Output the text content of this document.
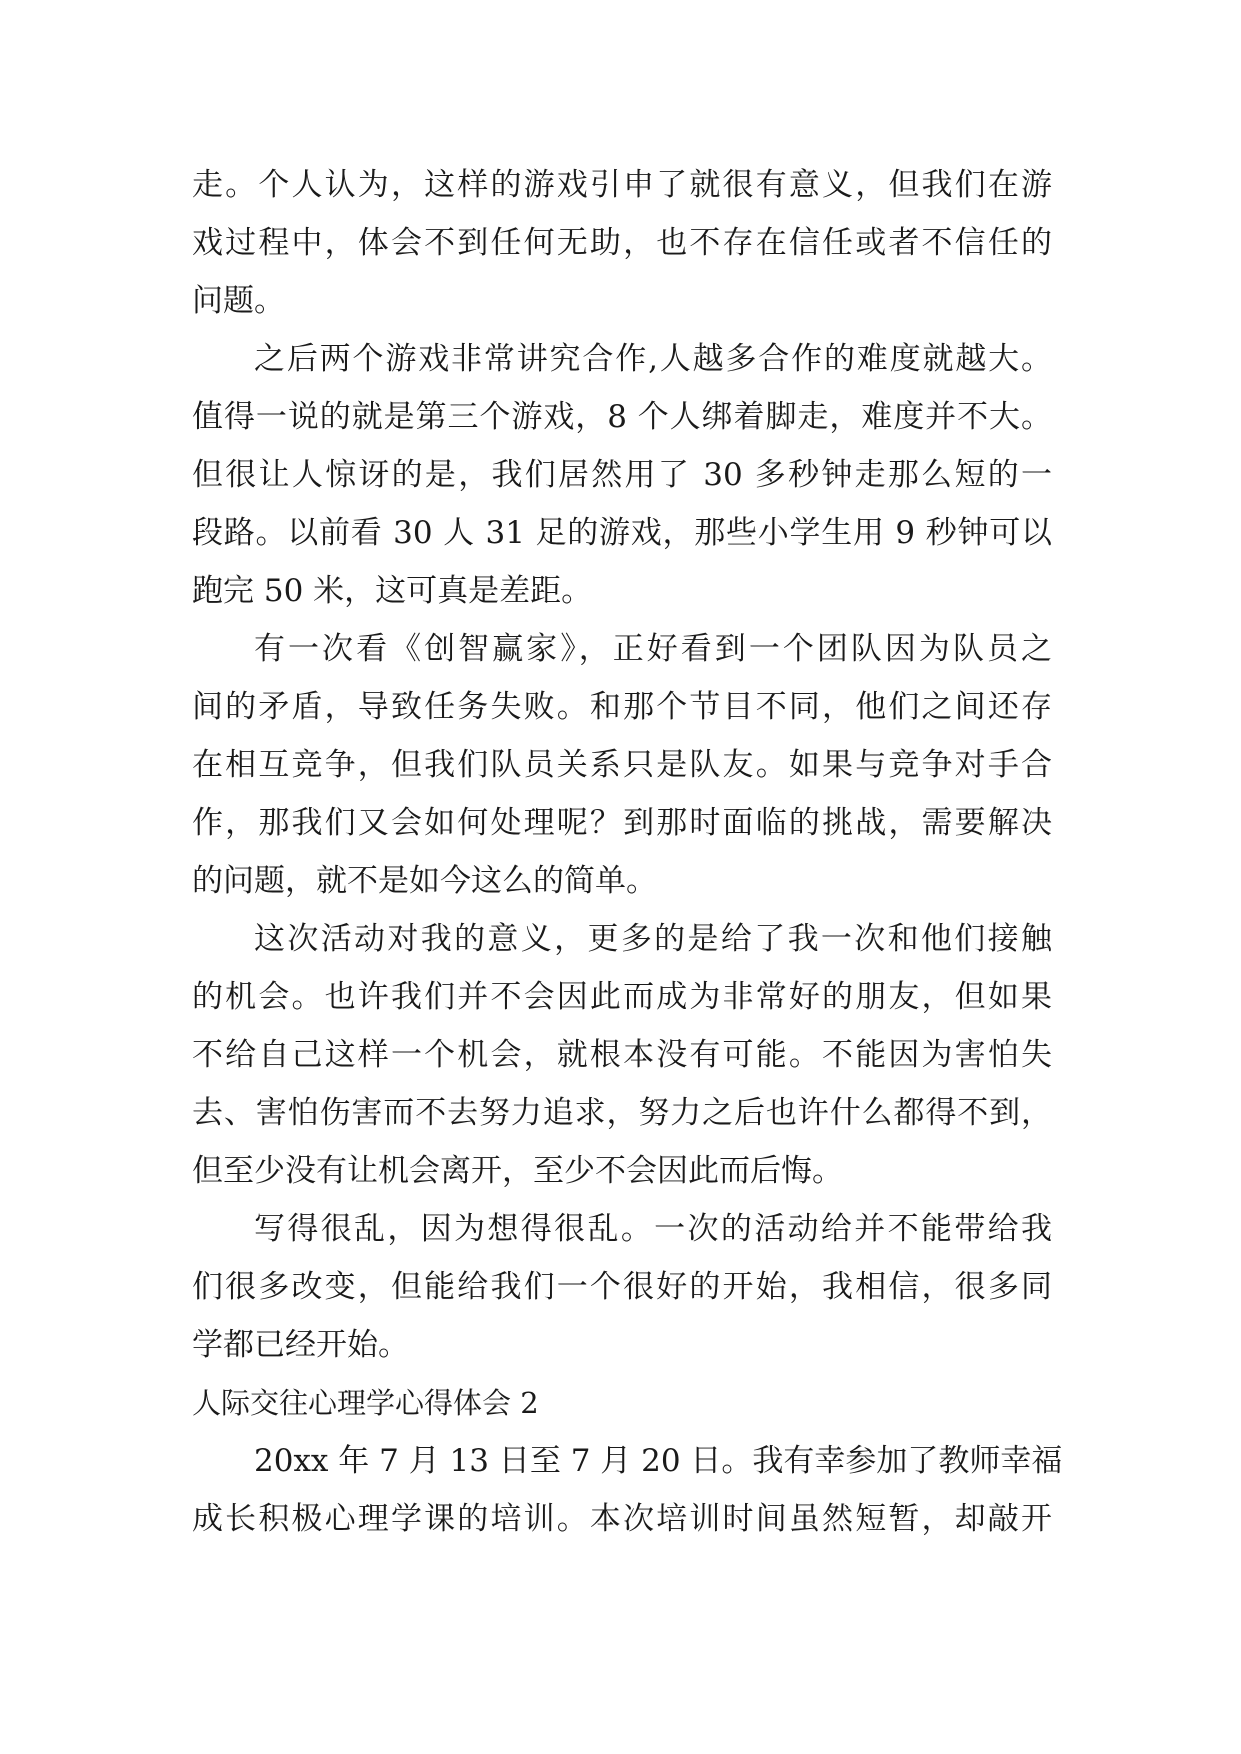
走。个人认为，这样的游戏引申了就很有意义，但我们在游
戏过程中，体会不到任何无助，也不存在信任或者不信任的
问题。
之后两个游戏非常讲究合作,人越多合作的难度就越大。
值得一说的就是第三个游戏，8 个人绑着脚走，难度并不大。
但很让人惊讶的是，我们居然用了 30 多秒钟走那么短的一
段路。以前看 30 人 31 足的游戏，那些小学生用 9 秒钟可以
跑完 50 米，这可真是差距。
有一次看《创智赢家》，正好看到一个团队因为队员之
间的矛盾，导致任务失败。和那个节目不同，他们之间还存
在相互竞争，但我们队员关系只是队友。如果与竞争对手合
作，那我们又会如何处理呢？到那时面临的挑战，需要解决
的问题，就不是如今这么的简单。
这次活动对我的意义，更多的是给了我一次和他们接触
的机会。也许我们并不会因此而成为非常好的朋友，但如果
不给自己这样一个机会，就根本没有可能。不能因为害怕失
去、害怕伤害而不去努力追求，努力之后也许什么都得不到，
但至少没有让机会离开，至少不会因此而后悔。
写得很乱，因为想得很乱。一次的活动给并不能带给我
们很多改变，但能给我们一个很好的开始，我相信，很多同
学都已经开始。
人际交往心理学心得体会 2
20xx 年 7 月 13 日至 7 月 20 日。我有幸参加了教师幸福
成长积极心理学课的培训。本次培训时间虽然短暂，却敲开
